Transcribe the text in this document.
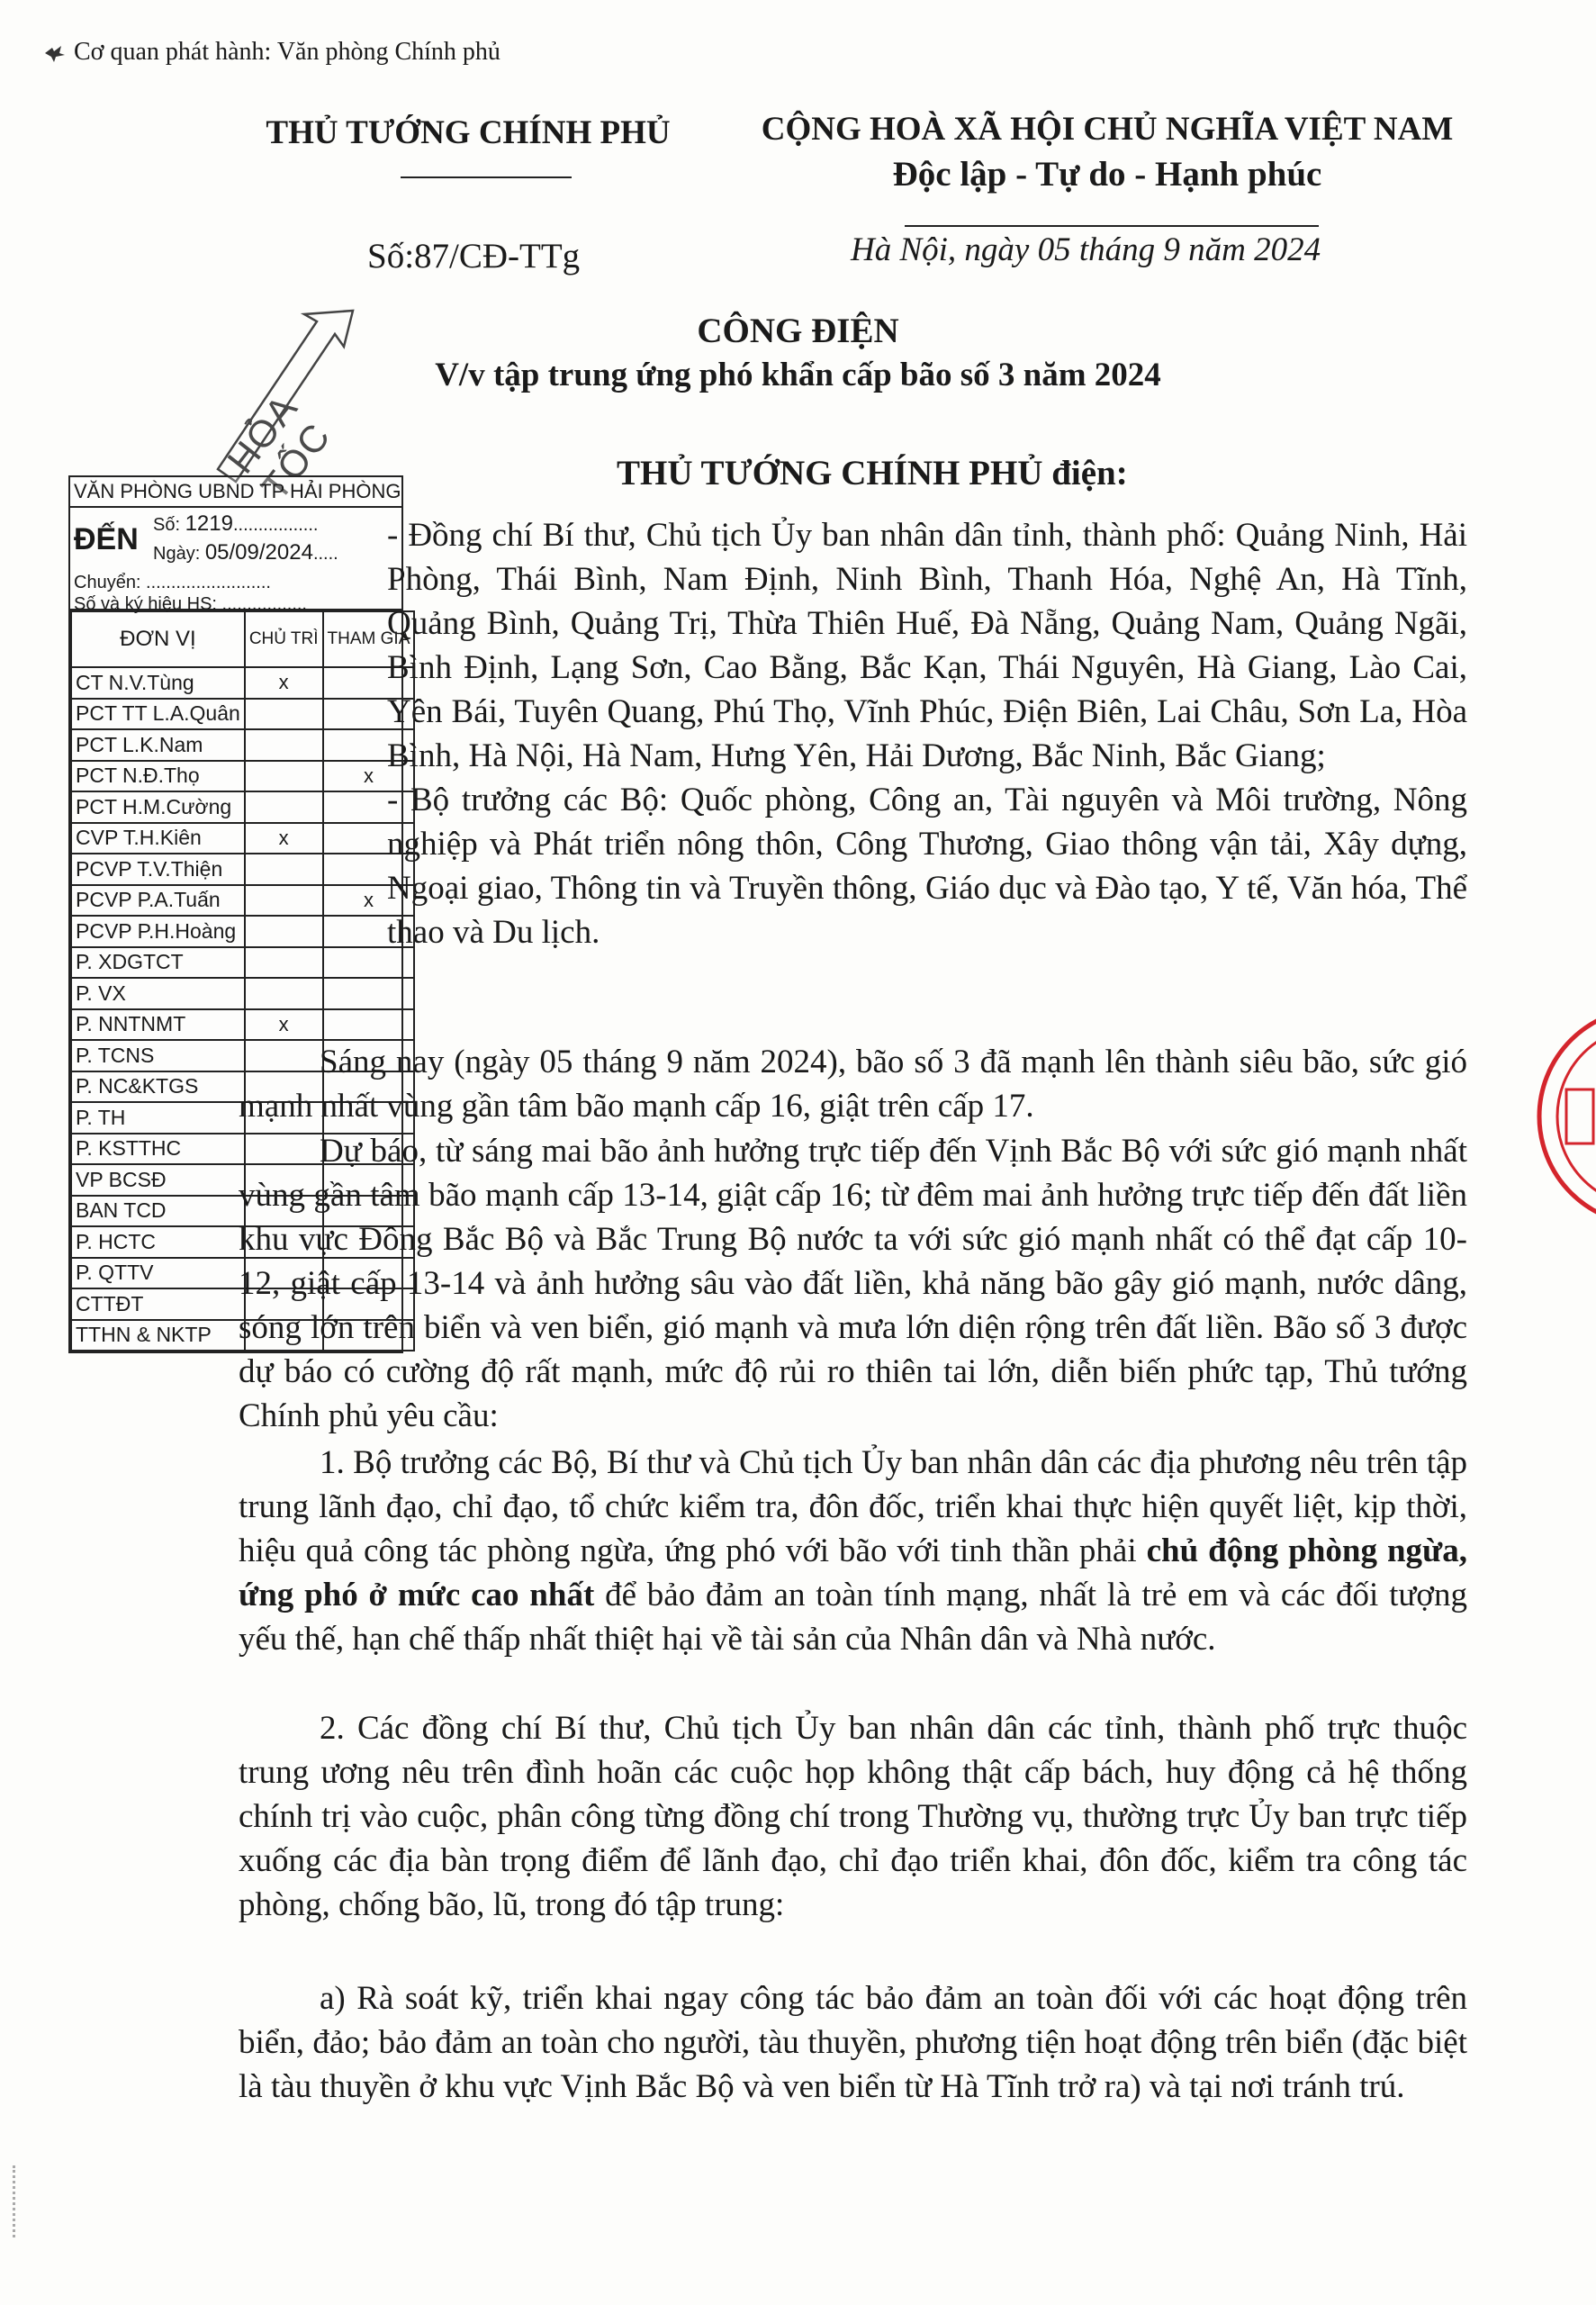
Cơ quan phát hành: Văn phòng Chính phủ
THỦ TƯỚNG CHÍNH PHỦ	CỘNG HOÀ XÃ HỘI CHỦ NGHĨA VIỆT NAM
Độc lập - Tự do - Hạnh phúc
Số:87/CĐ-TTg	Hà Nội, ngày 05 tháng 9 năm 2024
CÔNG ĐIỆN
V/v tập trung ứng phó khẩn cấp bão số 3 năm 2024
HỎA TỐC	THỦ TƯỚNG CHÍNH PHỦ điện:
VĂN PHÒNG UBND TP HẢI PHÒNG
ĐẾN Số: 1219.................
Ngày: 05/09/2024.....
Chuyển: .........................
Số và ký hiệu HS: .................
ĐƠN VỊ	CHỦ TRÌ	THAM GIA
CT N.V.Tùng	x	
PCT TT L.A.Quân		
PCT L.K.Nam		
PCT N.Đ.Thọ		x
PCT H.M.Cường		
CVP T.H.Kiên	x	
PCVP T.V.Thiện		
PCVP P.A.Tuấn		x
PCVP P.H.Hoàng		
P. XDGTCT		
P. VX		
P. NNTNMT	x	
P. TCNS		
P. NC&KTGS		
P. TH		
P. KSTTHC		
VP BCSĐ		
BAN TCD		
P. HCTC		
P. QTTV		
CTTĐT		
TTHN & NKTP		

- Đồng chí Bí thư, Chủ tịch Ủy ban nhân dân tỉnh, thành phố: Quảng Ninh, Hải Phòng, Thái Bình, Nam Định, Ninh Bình, Thanh Hóa, Nghệ An, Hà Tĩnh, Quảng Bình, Quảng Trị, Thừa Thiên Huế, Đà Nẵng, Quảng Nam, Quảng Ngãi, Bình Định, Lạng Sơn, Cao Bằng, Bắc Kạn, Thái Nguyên, Hà Giang, Lào Cai, Yên Bái, Tuyên Quang, Phú Thọ, Vĩnh Phúc, Điện Biên, Lai Châu, Sơn La, Hòa Bình, Hà Nội, Hà Nam, Hưng Yên, Hải Dương, Bắc Ninh, Bắc Giang;

- Bộ trưởng các Bộ: Quốc phòng, Công an, Tài nguyên và Môi trường, Nông nghiệp và Phát triển nông thôn, Công Thương, Giao thông vận tải, Xây dựng, Ngoại giao, Thông tin và Truyền thông, Giáo dục và Đào tạo, Y tế, Văn hóa, Thể thao và Du lịch.

Sáng nay (ngày 05 tháng 9 năm 2024), bão số 3 đã mạnh lên thành siêu bão, sức gió mạnh nhất vùng gần tâm bão mạnh cấp 16, giật trên cấp 17.

Dự báo, từ sáng mai bão ảnh hưởng trực tiếp đến Vịnh Bắc Bộ với sức gió mạnh nhất vùng gần tâm bão mạnh cấp 13-14, giật cấp 16; từ đêm mai ảnh hưởng trực tiếp đến đất liền khu vực Đông Bắc Bộ và Bắc Trung Bộ nước ta với sức gió mạnh nhất có thể đạt cấp 10-12, giật cấp 13-14 và ảnh hưởng sâu vào đất liền, khả năng bão gây gió mạnh, nước dâng, sóng lớn trên biển và ven biển, gió mạnh và mưa lớn diện rộng trên đất liền. Bão số 3 được dự báo có cường độ rất mạnh, mức độ rủi ro thiên tai lớn, diễn biến phức tạp, Thủ tướng Chính phủ yêu cầu:

1. Bộ trưởng các Bộ, Bí thư và Chủ tịch Ủy ban nhân dân các địa phương nêu trên tập trung lãnh đạo, chỉ đạo, tổ chức kiểm tra, đôn đốc, triển khai thực hiện quyết liệt, kịp thời, hiệu quả công tác phòng ngừa, ứng phó với bão với tinh thần phải chủ động phòng ngừa, ứng phó ở mức cao nhất để bảo đảm an toàn tính mạng, nhất là trẻ em và các đối tượng yếu thế, hạn chế thấp nhất thiệt hại về tài sản của Nhân dân và Nhà nước.

2. Các đồng chí Bí thư, Chủ tịch Ủy ban nhân dân các tỉnh, thành phố trực thuộc trung ương nêu trên đình hoãn các cuộc họp không thật cấp bách, huy động cả hệ thống chính trị vào cuộc, phân công từng đồng chí trong Thường vụ, thường trực Ủy ban trực tiếp xuống các địa bàn trọng điểm để lãnh đạo, chỉ đạo triển khai, đôn đốc, kiểm tra công tác phòng, chống bão, lũ, trong đó tập trung:

a) Rà soát kỹ, triển khai ngay công tác bảo đảm an toàn đối với các hoạt động trên biển, đảo; bảo đảm an toàn cho người, tàu thuyền, phương tiện hoạt động trên biển (đặc biệt là tàu thuyền ở khu vực Vịnh Bắc Bộ và ven biển từ Hà Tĩnh trở ra) và tại nơi tránh trú.
